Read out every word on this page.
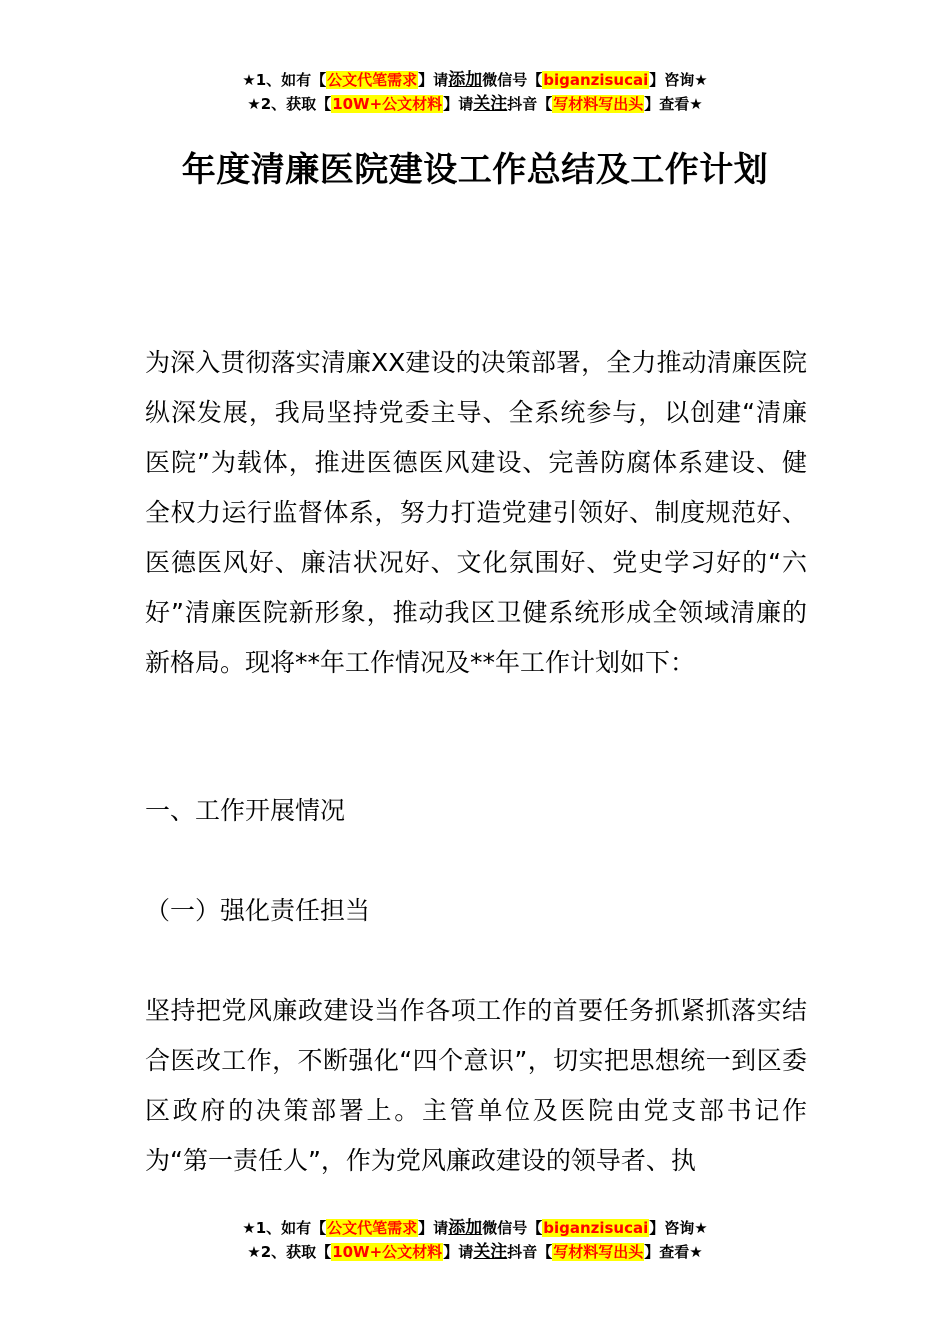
★1、如有【公文代笔需求】请添加微信号【biganzisucai】咨询★
★2、获取【10W+公文材料】请关注抖音【写材料写出头】查看★
年度清廉医院建设工作总结及工作计划

为深入贯彻落实清廉XX建设的决策部署，全力推动清廉医院纵深发展，我局坚持党委主导、全系统参与，以创建“清廉医院”为载体，推进医德医风建设、完善防腐体系建设、健全权力运行监督体系，努力打造党建引领好、制度规范好、医德医风好、廉洁状况好、文化氛围好、党史学习好的“六好”清廉医院新形象，推动我区卫健系统形成全领域清廉的新格局。现将**年工作情况及**年工作计划如下：

一、工作开展情况

（一）强化责任担当

坚持把党风廉政建设当作各项工作的首要任务抓紧抓落实结合医改工作，不断强化“四个意识”，切实把思想统一到区委区政府的决策部署上。主管单位及医院由党支部书记作为“第一责任人”，作为党风廉政建设的领导者、执

★1、如有【公文代笔需求】请添加微信号【biganzisucai】咨询★
★2、获取【10W+公文材料】请关注抖音【写材料写出头】查看★
